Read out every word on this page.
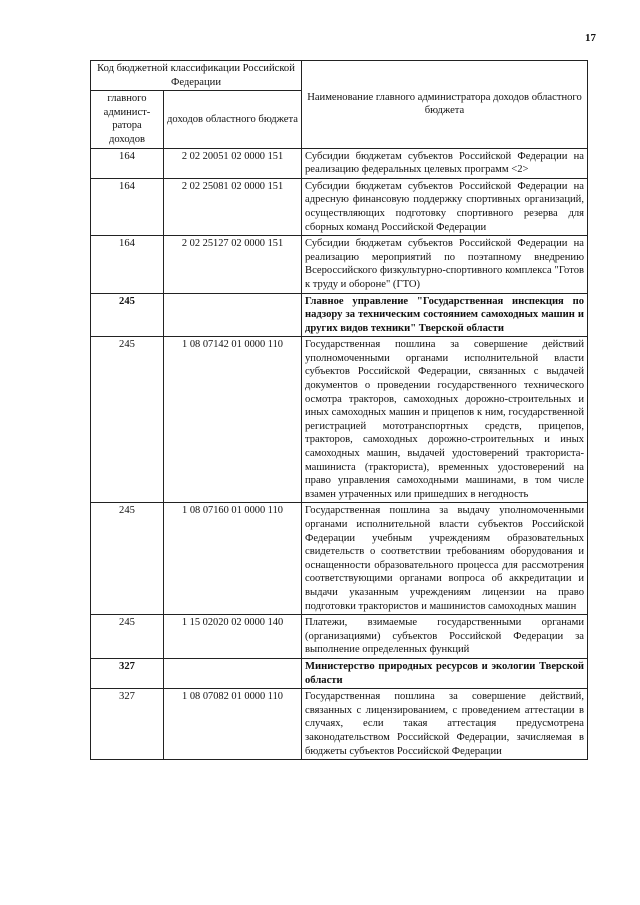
17
Код бюджетной классификации Российской Федерации		Наименование главного администратора доходов областного бюджета
главного админист-ратора доходов	доходов областного бюджета	
164	2 02 20051 02 0000 151	Субсидии бюджетам субъектов Российской Федерации на реализацию федеральных целевых программ <2>
164	2 02 25081 02 0000 151	Субсидии бюджетам субъектов Российской Федерации на адресную финансовую поддержку спортивных организаций, осуществляющих подготовку спортивного резерва для сборных команд Российской Федерации
164	2 02 25127 02 0000 151	Субсидии бюджетам субъектов Российской Федерации на реализацию мероприятий по поэтапному внедрению Всероссийского физкультурно-спортивного комплекса "Готов к труду и обороне" (ГТО)
245		Главное управление "Государственная инспекция по надзору за техническим состоянием самоходных машин и других видов техники" Тверской области
245	1 08 07142 01 0000 110	Государственная пошлина за совершение действий уполномоченными органами исполнительной власти субъектов Российской Федерации, связанных с выдачей документов о проведении государственного технического осмотра тракторов, самоходных дорожно-строительных и иных самоходных машин и прицепов к ним, государственной регистрацией мототранспортных средств, прицепов, тракторов, самоходных дорожно-строительных и иных самоходных машин, выдачей удостоверений тракториста-машиниста (тракториста), временных удостоверений на право управления самоходными машинами, в том числе взамен утраченных или пришедших в негодность
245	1 08 07160 01 0000 110	Государственная пошлина за выдачу уполномоченными органами исполнительной власти субъектов Российской Федерации учебным учреждениям образовательных свидетельств о соответствии требованиям оборудования и оснащенности образовательного процесса для рассмотрения соответствующими органами вопроса об аккредитации и выдачи указанным учреждениям лицензии на право подготовки трактористов и машинистов самоходных машин
245	1 15 02020 02 0000 140	Платежи, взимаемые государственными органами (организациями) субъектов Российской Федерации за выполнение определенных функций
327		Министерство природных ресурсов и экологии Тверской области
327	1 08 07082 01 0000 110	Государственная пошлина за совершение действий, связанных с лицензированием, с проведением аттестации в случаях, если такая аттестация предусмотрена законодательством Российской Федерации, зачисляемая в бюджеты субъектов Российской Федерации
